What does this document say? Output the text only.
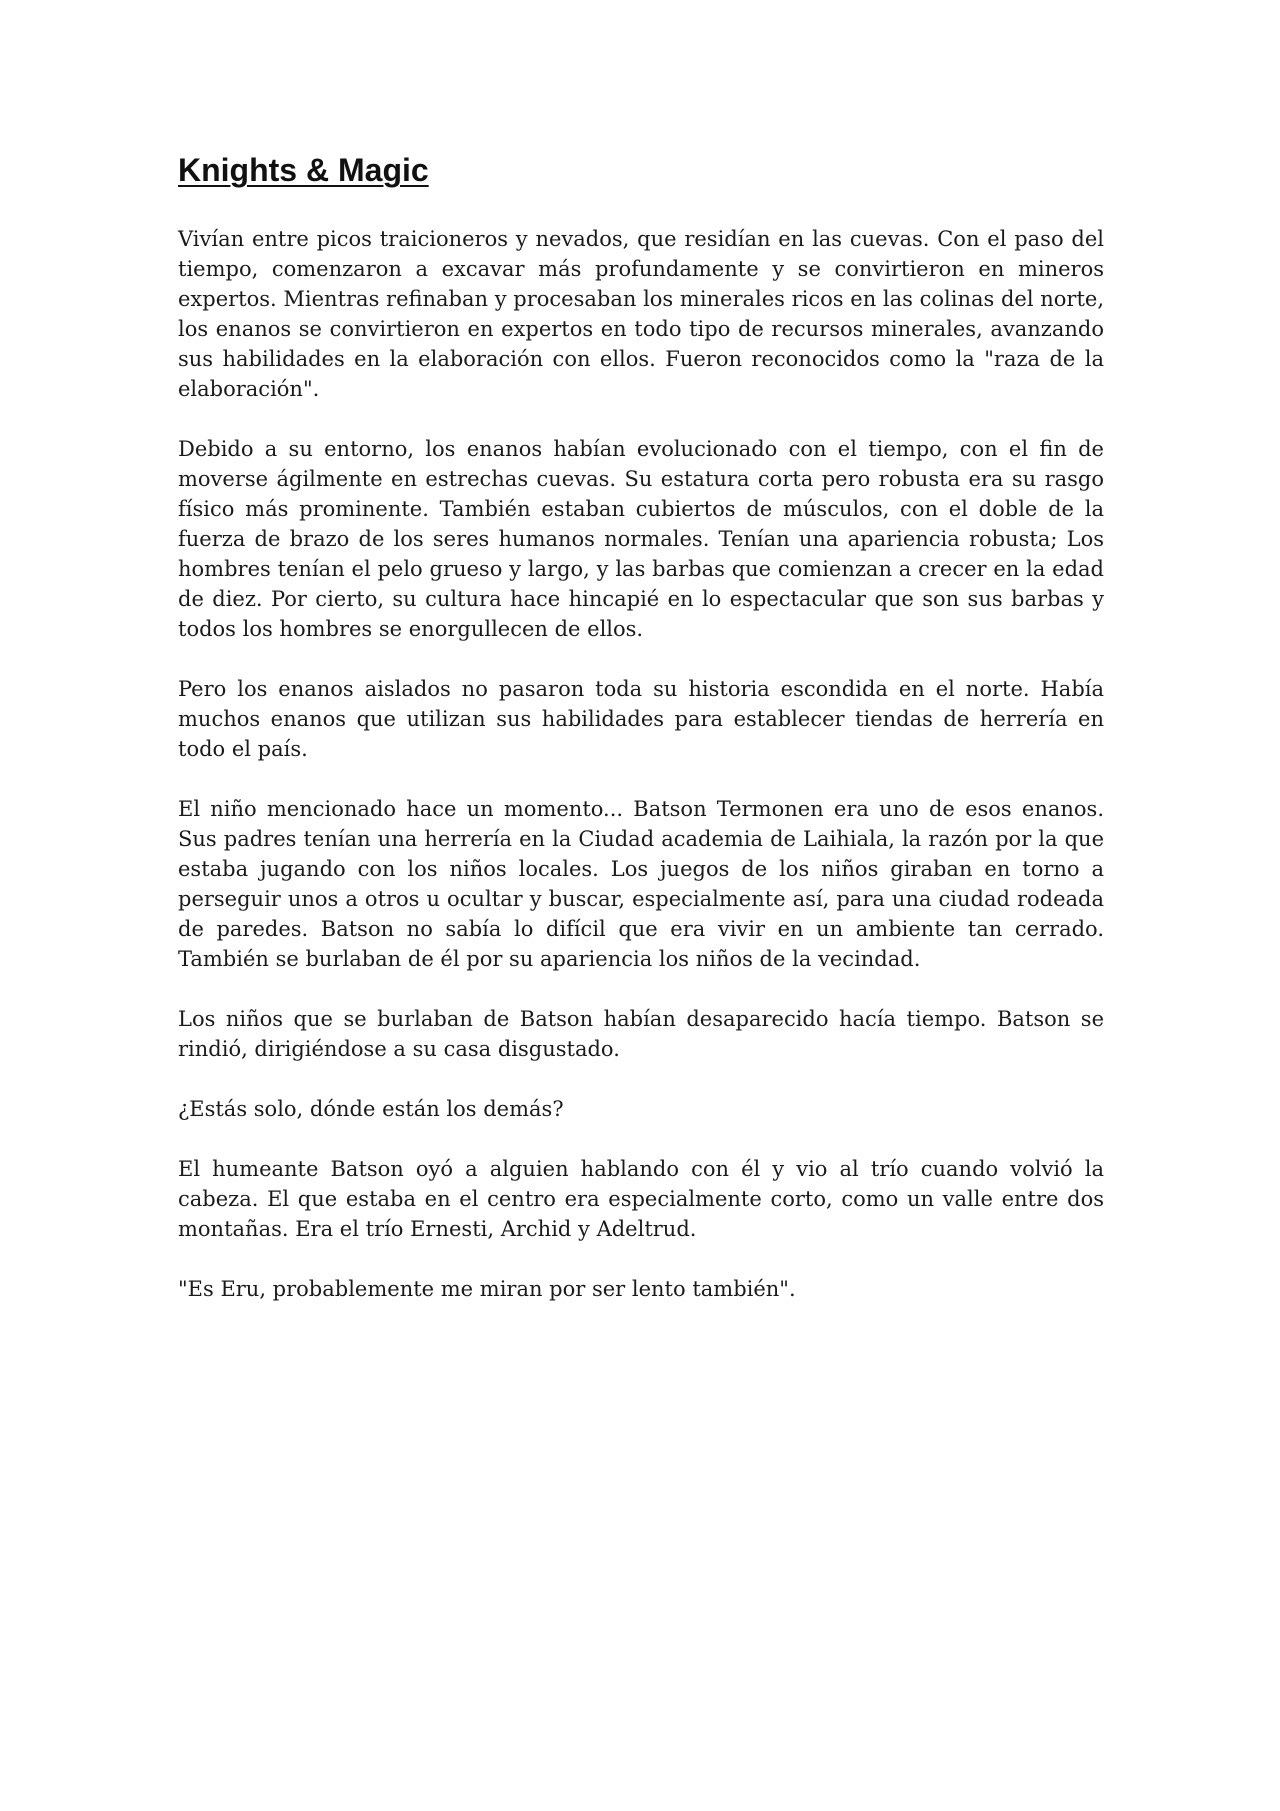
Knights & Magic

Vivían entre picos traicioneros y nevados, que residían en las cuevas. Con el paso del tiempo, comenzaron a excavar más profundamente y se convirtieron en mineros expertos. Mientras refinaban y procesaban los minerales ricos en las colinas del norte, los enanos se convirtieron en expertos en todo tipo de recursos minerales, avanzando sus habilidades en la elaboración con ellos. Fueron reconocidos como la "raza de la elaboración".

Debido a su entorno, los enanos habían evolucionado con el tiempo, con el fin de moverse ágilmente en estrechas cuevas. Su estatura corta pero robusta era su rasgo físico más prominente. También estaban cubiertos de músculos, con el doble de la fuerza de brazo de los seres humanos normales. Tenían una apariencia robusta; Los hombres tenían el pelo grueso y largo, y las barbas que comienzan a crecer en la edad de diez. Por cierto, su cultura hace hincapié en lo espectacular que son sus barbas y todos los hombres se enorgullecen de ellos.

Pero los enanos aislados no pasaron toda su historia escondida en el norte. Había muchos enanos que utilizan sus habilidades para establecer tiendas de herrería en todo el país.

El niño mencionado hace un momento... Batson Termonen era uno de esos enanos. Sus padres tenían una herrería en la Ciudad academia de Laihiala, la razón por la que estaba jugando con los niños locales. Los juegos de los niños giraban en torno a perseguir unos a otros u ocultar y buscar, especialmente así, para una ciudad rodeada de paredes. Batson no sabía lo difícil que era vivir en un ambiente tan cerrado. También se burlaban de él por su apariencia los niños de la vecindad.

Los niños que se burlaban de Batson habían desaparecido hacía tiempo. Batson se rindió, dirigiéndose a su casa disgustado.

¿Estás solo, dónde están los demás?

El humeante Batson oyó a alguien hablando con él y vio al trío cuando volvió la cabeza. El que estaba en el centro era especialmente corto, como un valle entre dos montañas. Era el trío Ernesti, Archid y Adeltrud.

"Es Eru, probablemente me miran por ser lento también".
